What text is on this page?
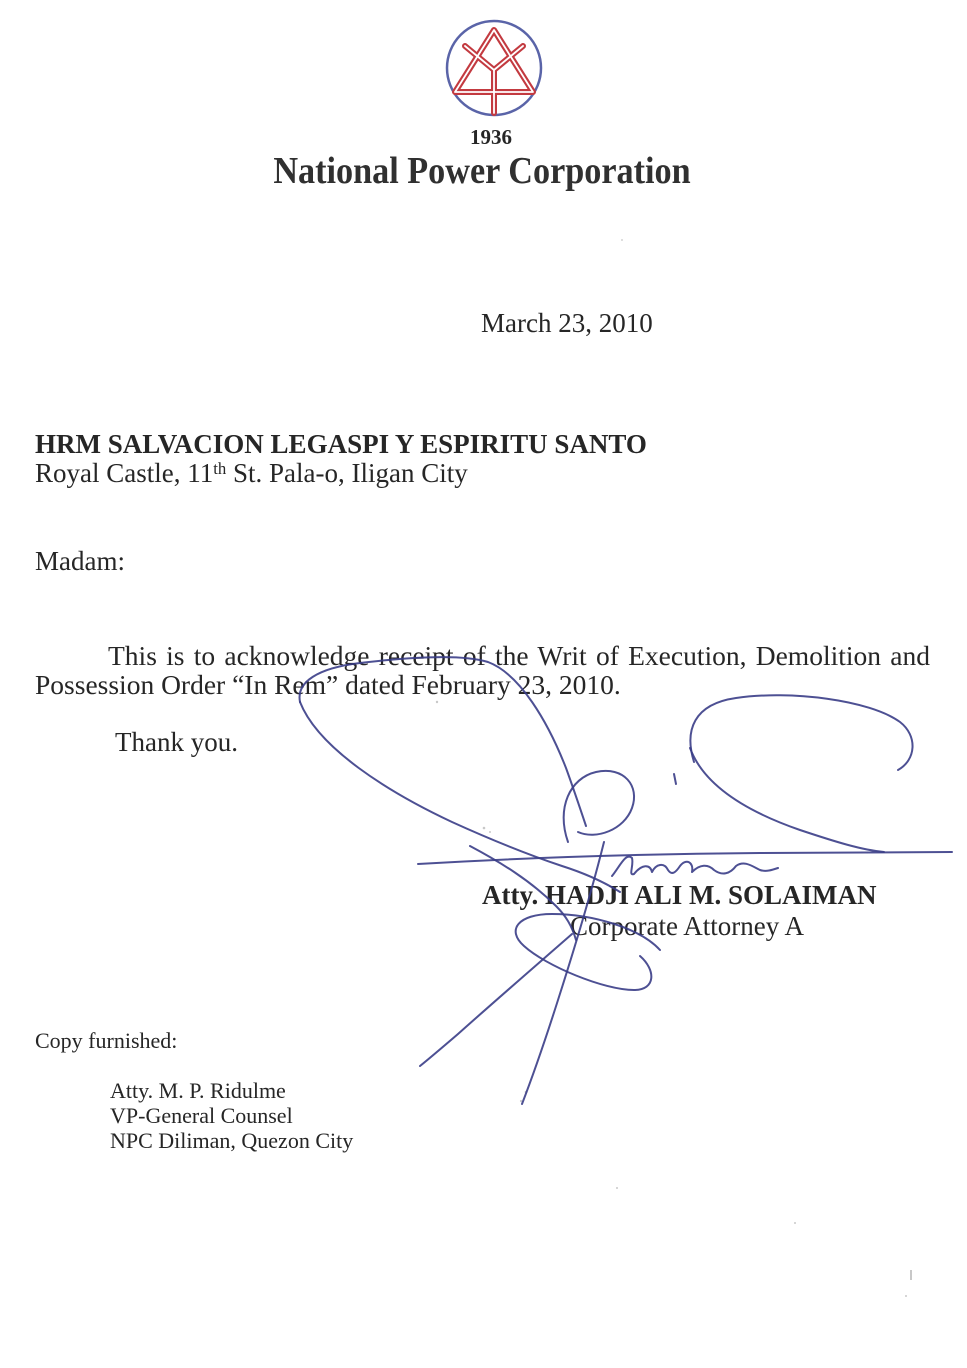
1936
National Power Corporation
March 23, 2010
HRM SALVACION LEGASPI Y ESPIRITU SANTO
Royal Castle, 11th St. Pala-o, Iligan City
Madam:
This is to acknowledge receipt of the Writ of Execution, Demolition and
Possession Order “In Rem” dated February 23, 2010.
Thank you.
Atty. HADJI ALI M. SOLAIMAN
Corporate Attorney A
Copy furnished:
Atty. M. P. Ridulme
VP-General Counsel
NPC Diliman, Quezon City
